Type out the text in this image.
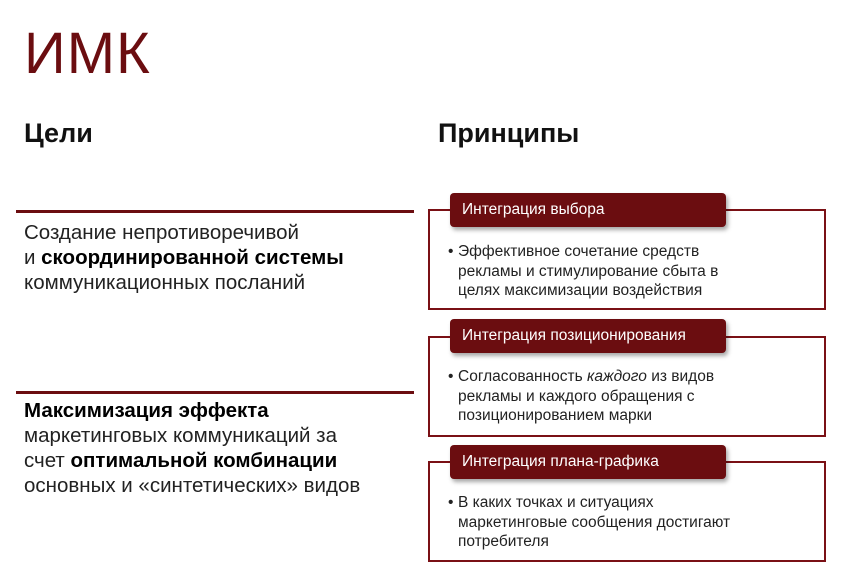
ИМК
Цели	Принципы
Создание непротиворечивой
и скоординированной системы
коммуникационных посланий
Максимизация эффекта
маркетинговых коммуникаций за
счет оптимальной комбинации
основных и «синтетических» видов
Интеграция выбора
• Эффективное сочетание средств
рекламы и стимулирование сбыта в
целях максимизации воздействия
Интеграция позиционирования
• Согласованность каждого из видов
рекламы и каждого обращения с
позиционированием марки
Интеграция плана-графика
• В каких точках и ситуациях
маркетинговые сообщения достигают
потребителя
